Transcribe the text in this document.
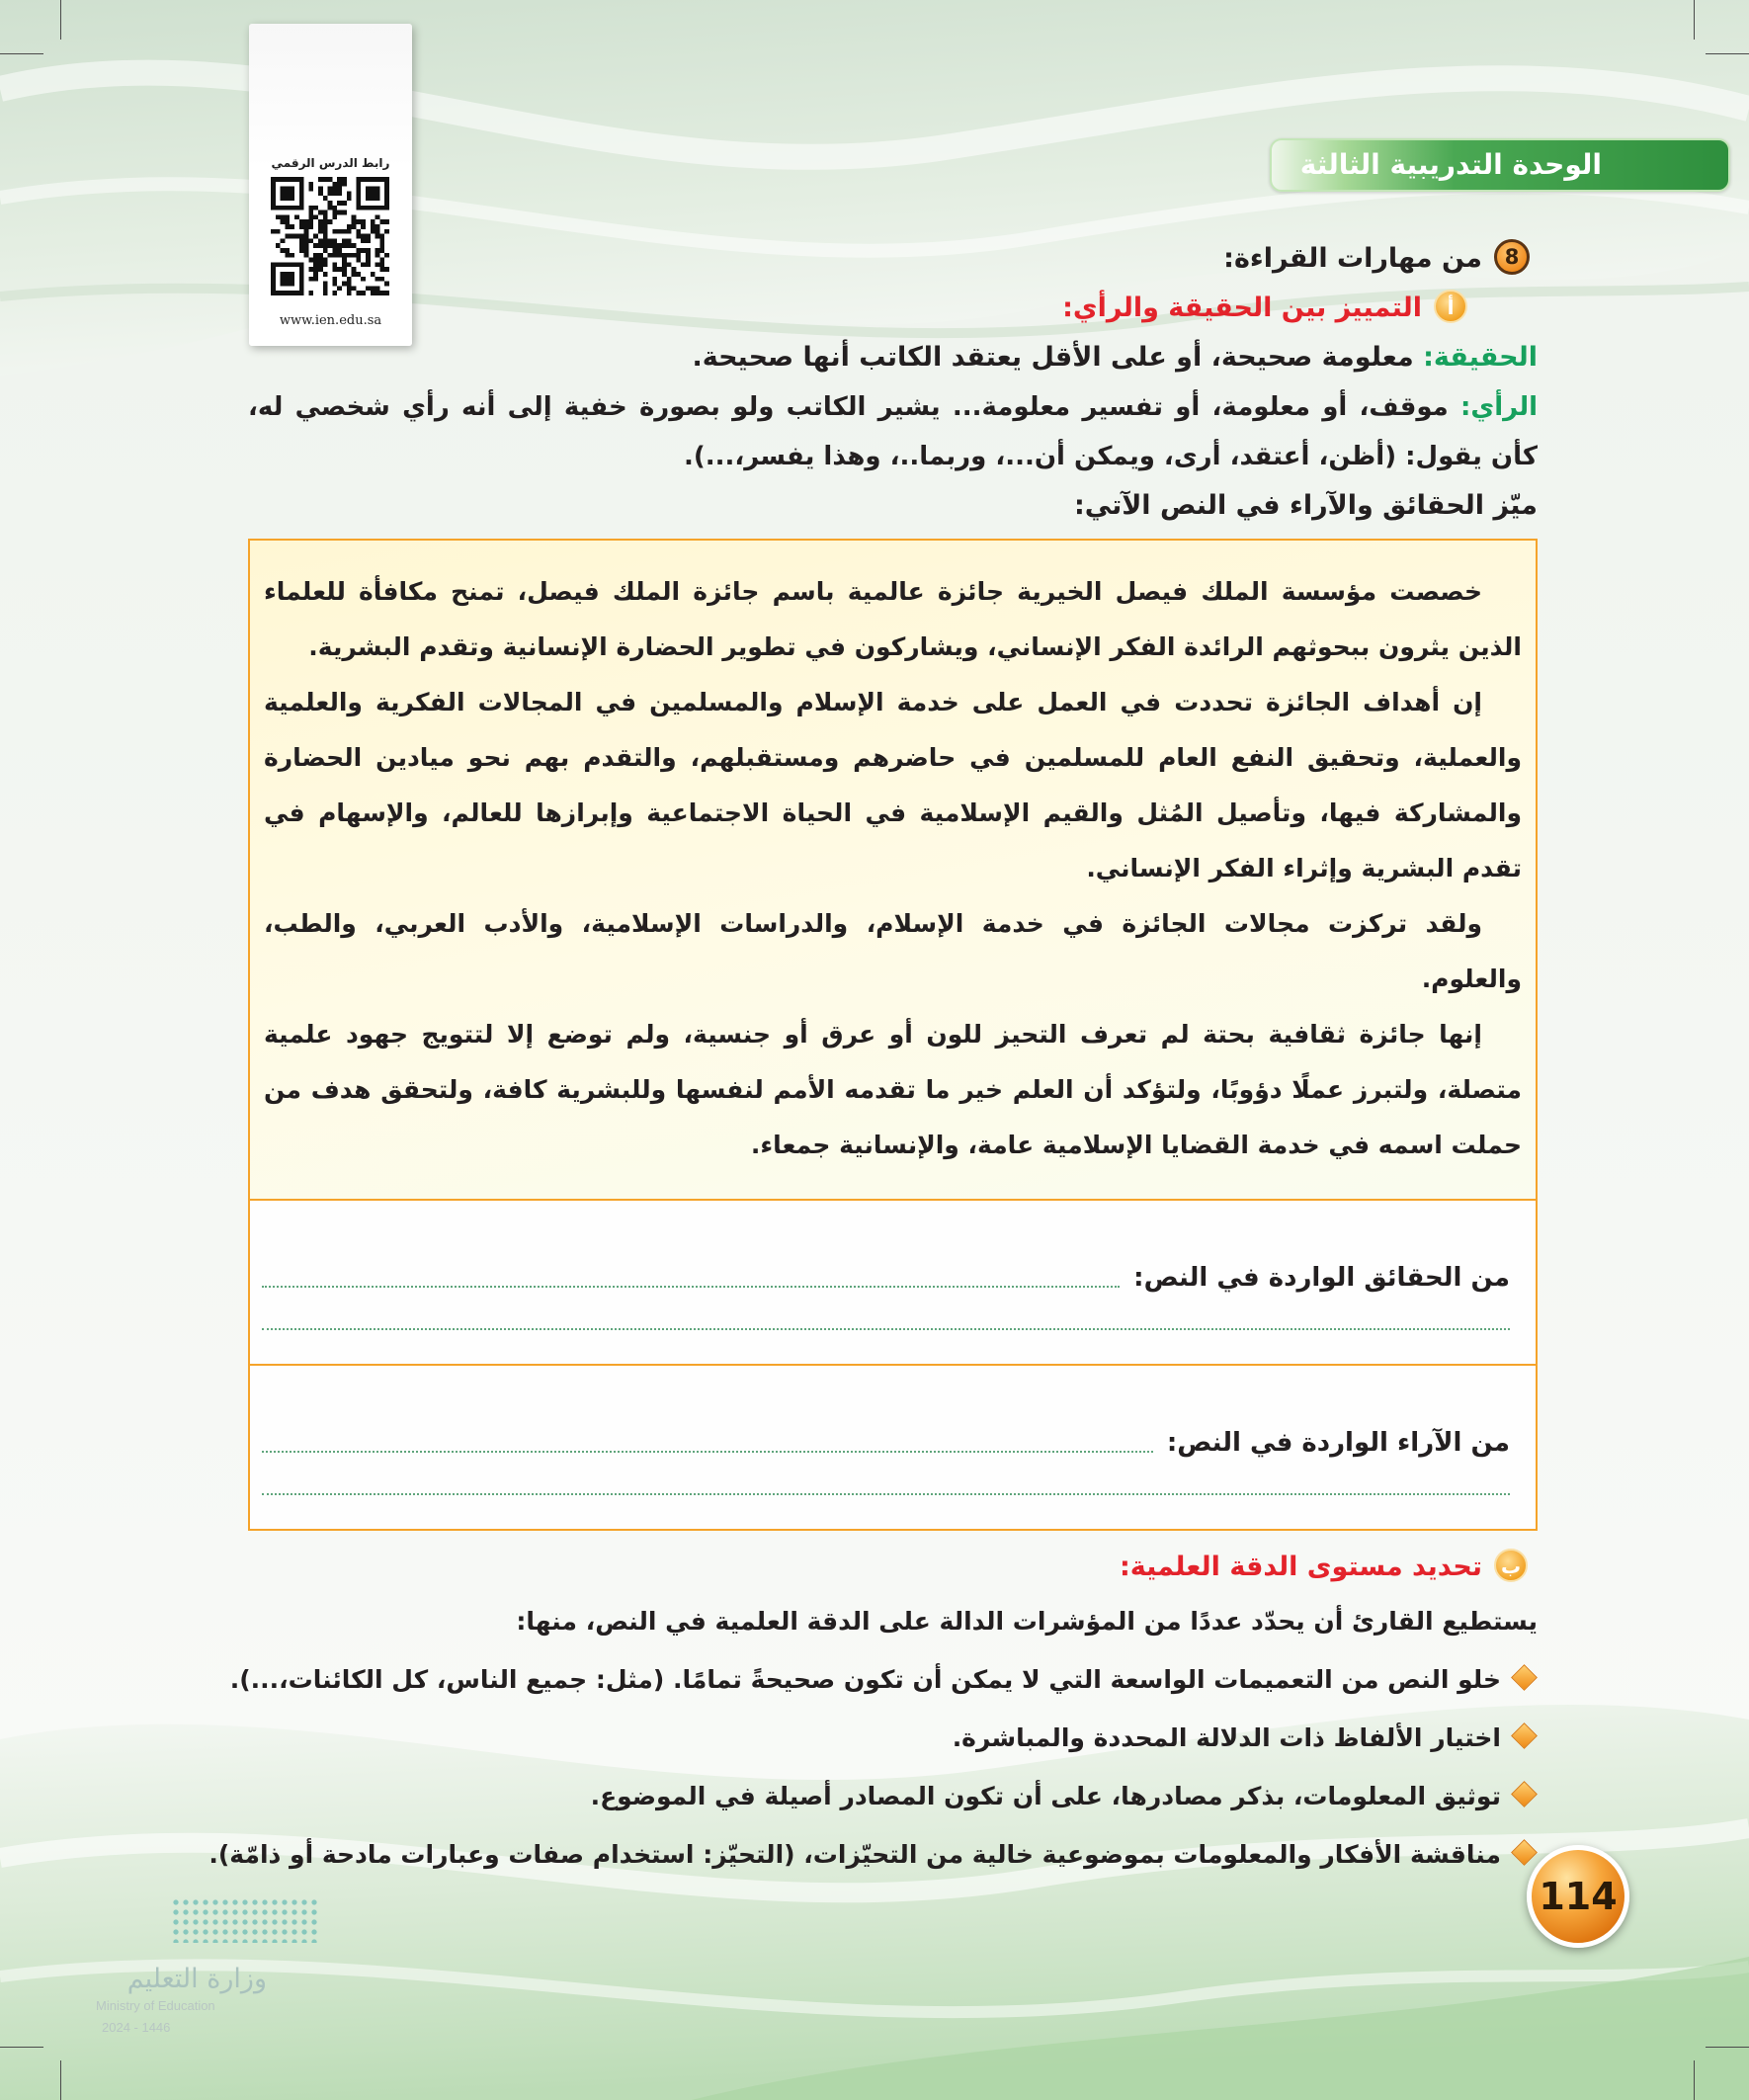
الوحدة التدريبية الثالثة
رابط الدرس الرقمي
www.ien.edu.sa
8من مهارات القراءة:
أالتمييز بين الحقيقة والرأي:

الحقيقة: معلومة صحيحة، أو على الأقل يعتقد الكاتب أنها صحيحة.

الرأي: موقف، أو معلومة، أو تفسير معلومة... يشير الكاتب ولو بصورة خفية إلى أنه رأي شخصي له، كأن يقول: (أظن، أعتقد، أرى، ويمكن أن...، وربما..، وهذا يفسر،...).

ميّز الحقائق والآراء في النص الآتي:

خصصت مؤسسة الملك فيصل الخيرية جائزة عالمية باسم جائزة الملك فيصل، تمنح مكافأة للعلماء الذين يثرون ببحوثهم الرائدة الفكر الإنساني، ويشاركون في تطوير الحضارة الإنسانية وتقدم البشرية.

إن أهداف الجائزة تحددت في العمل على خدمة الإسلام والمسلمين في المجالات الفكرية والعلمية والعملية، وتحقيق النفع العام للمسلمين في حاضرهم ومستقبلهم، والتقدم بهم نحو ميادين الحضارة والمشاركة فيها، وتأصيل المُثل والقيم الإسلامية في الحياة الاجتماعية وإبرازها للعالم، والإسهام في تقدم البشرية وإثراء الفكر الإنساني.

ولقد تركزت مجالات الجائزة في خدمة الإسلام، والدراسات الإسلامية، والأدب العربي، والطب، والعلوم.

إنها جائزة ثقافية بحتة لم تعرف التحيز للون أو عرق أو جنسية، ولم توضع إلا لتتويج جهود علمية متصلة، ولتبرز عملًا دؤوبًا، ولتؤكد أن العلم خير ما تقدمه الأمم لنفسها وللبشرية كافة، ولتحقق هدف من حملت اسمه في خدمة القضايا الإسلامية عامة، والإنسانية جمعاء.

من الحقائق الواردة في النص:
من الآراء الواردة في النص:
بتحديد مستوى الدقة العلمية:

يستطيع القارئ أن يحدّد عددًا من المؤشرات الدالة على الدقة العلمية في النص، منها:

خلو النص من التعميمات الواسعة التي لا يمكن أن تكون صحيحةً تمامًا. (مثل: جميع الناس، كل الكائنات،...).
اختيار الألفاظ ذات الدلالة المحددة والمباشرة.
توثيق المعلومات، بذكر مصادرها، على أن تكون المصادر أصيلة في الموضوع.
مناقشة الأفكار والمعلومات بموضوعية خالية من التحيّزات، (التحيّز: استخدام صفات وعبارات مادحة أو ذامّة).
114
وزارة التعليم
Ministry of Education
2024 - 1446
